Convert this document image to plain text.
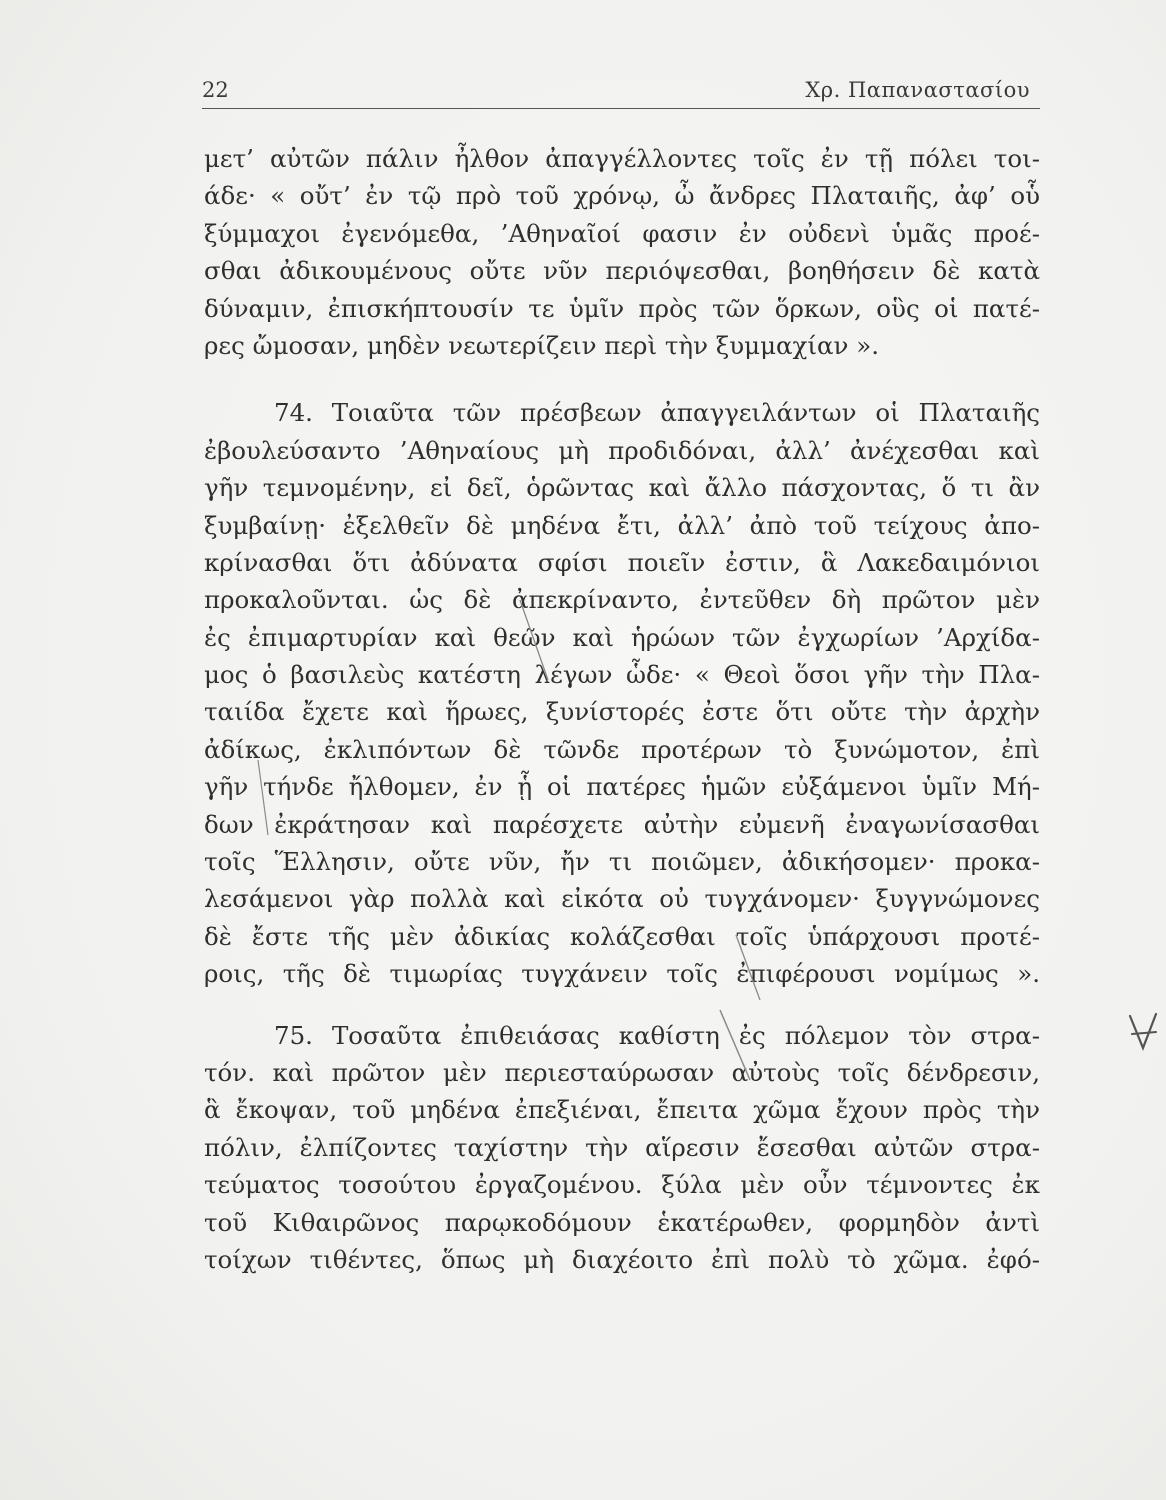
22	Χρ. Παπαναστασίου
μετ’ αὐτῶν πάλιν ἦλθον ἀπαγγέλλοντες τοῖς ἐν τῇ πόλει τοι-
άδε· « οὔτ’ ἐν τῷ πρὸ τοῦ χρόνῳ, ὦ ἄνδρες Πλαταιῆς, ἀφ’ οὗ
ξύμμαχοι ἐγενόμεθα, ’Αθηναῖοί φασιν ἐν οὐδενὶ ὑμᾶς προέ-
σθαι ἀδικουμένους οὔτε νῦν περιόψεσθαι, βοηθήσειν δὲ κατὰ
δύναμιν, ἐπισκήπτουσίν τε ὑμῖν πρὸς τῶν ὅρκων, οὓς οἱ πατέ-
ρες ὤμοσαν, μηδὲν νεωτερίζειν περὶ τὴν ξυμμαχίαν ».
74. Τοιαῦτα τῶν πρέσβεων ἀπαγγειλάντων οἱ Πλαταιῆς
ἐβουλεύσαντο ’Αθηναίους μὴ προδιδόναι, ἀλλ’ ἀνέχεσθαι καὶ
γῆν τεμνομένην, εἰ δεῖ, ὁρῶντας καὶ ἄλλο πάσχοντας, ὅ τι ἂν
ξυμβαίνῃ· ἐξελθεῖν δὲ μηδένα ἔτι, ἀλλ’ ἀπὸ τοῦ τείχους ἀπο-
κρίνασθαι ὅτι ἀδύνατα σφίσι ποιεῖν ἐστιν, ἃ Λακεδαιμόνιοι
προκαλοῦνται. ὡς δὲ ἀπεκρίναντο, ἐντεῦθεν δὴ πρῶτον μὲν
ἐς ἐπιμαρτυρίαν καὶ θεῶν καὶ ἡρώων τῶν ἐγχωρίων ’Αρχίδα-
μος ὁ βασιλεὺς κατέστη λέγων ὧδε· « Θεοὶ ὅσοι γῆν τὴν Πλα-
ταιίδα ἔχετε καὶ ἥρωες, ξυνίστορές ἐστε ὅτι οὔτε τὴν ἀρχὴν
ἀδίκως, ἐκλιπόντων δὲ τῶνδε προτέρων τὸ ξυνώμοτον, ἐπὶ
γῆν τήνδε ἤλθομεν, ἐν ᾗ οἱ πατέρες ἡμῶν εὐξάμενοι ὑμῖν Μή-
δων ἐκράτησαν καὶ παρέσχετε αὐτὴν εὐμενῆ ἐναγωνίσασθαι
τοῖς Ἕλλησιν, οὔτε νῦν, ἤν τι ποιῶμεν, ἀδικήσομεν· προκα-
λεσάμενοι γὰρ πολλὰ καὶ εἰκότα οὐ τυγχάνομεν· ξυγγνώμονες
δὲ ἔστε τῆς μὲν ἀδικίας κολάζεσθαι τοῖς ὑπάρχουσι προτέ-
ροις, τῆς δὲ τιμωρίας τυγχάνειν τοῖς ἐπιφέρουσι νομίμως ».
75. Τοσαῦτα ἐπιθειάσας καθίστη ἐς πόλεμον τὸν στρα-
τόν. καὶ πρῶτον μὲν περιεσταύρωσαν αὐτοὺς τοῖς δένδρεσιν,
ἃ ἔκοψαν, τοῦ μηδένα ἐπεξιέναι, ἔπειτα χῶμα ἔχουν πρὸς τὴν
πόλιν, ἐλπίζοντες ταχίστην τὴν αἵρεσιν ἔσεσθαι αὐτῶν στρα-
τεύματος τοσούτου ἐργαζομένου. ξύλα μὲν οὖν τέμνοντες ἐκ
τοῦ Κιθαιρῶνος παρῳκοδόμουν ἑκατέρωθεν, φορμηδὸν ἀντὶ
τοίχων τιθέντες, ὅπως μὴ διαχέοιτο ἐπὶ πολὺ τὸ χῶμα. ἐφό-
